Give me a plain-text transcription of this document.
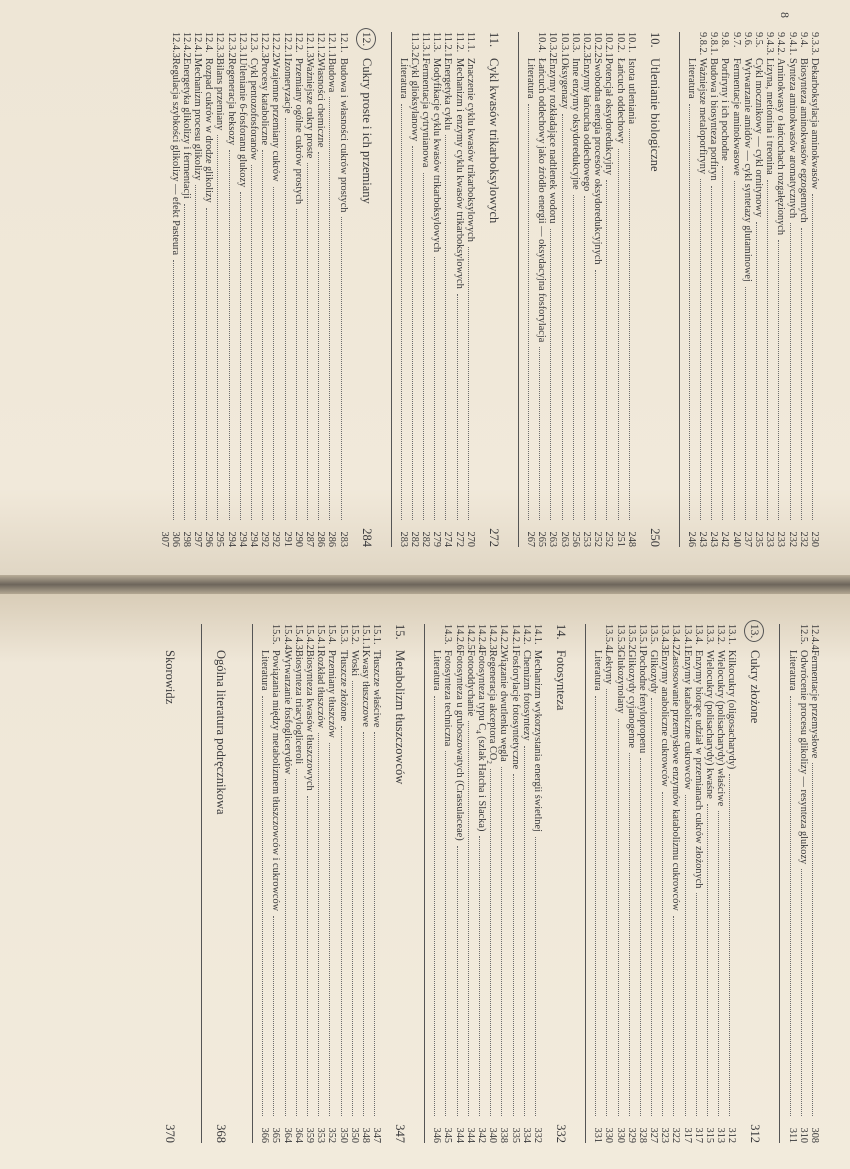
8
9.3.3.
Dekarboksylacja aminokwasów
230
9.4.
Biosynteza aminokwasów egzogennych
232
9.4.1.
Synteza aminokwasów aromatycznych
232
9.4.2.
Aminokwasy o łańcuchach rozgałęzionych
233
9.4.3.
Lizyna, metionina i treonina
233
9.5.
Cykl mocznikowy — cykl ornitynowy
235
9.6.
Wytwarzanie amidów — cykl syntetazy glutaminowej
237
9.7.
Fermentacje aminokwasowe
240
9.8.
Porfiryny i ich pochodne
242
9.8.1.
Budowa i biosynteza porfiryn
243
9.8.2.
Ważniejsze metaloporfiryny
243
Literatura
246
10.
Utlenianie biologiczne
250
10.1.
Istota utleniania
248
10.2.
Łańcuch oddechowy
251
10.2.1.
Potencjał oksydoredukcyjny
252
10.2.2.
Swobodna energia procesów oksydoredukcyjnych
252
10.2.3.
Enzymy łańcucha oddechowego
253
10.3.
Inne enzymy oksydoredukcyjne
256
10.3.1.
Oksygenazy
263
10.3.2.
Enzymy rozkładające nadtlenek wodoru
263
10.4.
Łańcuch oddechowy jako źródło energii — oksydacyjna fosforylacja
265
Literatura
267
11.
Cykl kwasów trikarboksylowych
272
11.1.
Znaczenie cyklu kwasów trikarboksylowych
270
11.2.
Mechanizm i enzymy cyklu kwasów trikarboksylowych
272
11.2.1.
Energetyka cyklu
274
11.3.
Modyfikacje cyklu kwasów trikarboksylowych
279
11.3.1.
Fermentacja cytrynianowa
282
11.3.2.
Cykl glioksylanowy
282
Literatura
283
12.
Cukry proste i ich przemiany
284
12.1.
Budowa i własności cukrów prostych
283
12.1.1.
Budowa
286
12.1.2.
Własności chemiczne
286
12.1.3.
Ważniejsze cukry proste
287
12.2.
Przemiany ogólne cukrów prostych
290
12.2.1.
Izomeryzacje
291
12.2.2.
Wzajemne przemiany cukrów
292
12.2.3.
Procesy kataboliczne
292
12.3.
Cykl pentozofosforanów
294
12.3.1.
Utlenianie 6-fosforanu glukozy
294
12.3.2.
Regeneracja heksozy
294
12.3.3.
Bilans przemiany
295
12.4.
Rozpad cukrów w drodze glikolizy
296
12.4.1.
Mechanizm procesu glikolizy
297
12.4.2.
Energetyka glikolizy i fermentacji
298
12.4.3.
Regulacja szybkości glikolizy — efekt Pasteura
306
307
12.4.4.
Fermentacje przemysłowe
308
12.5.
Odwrócenie procesu glikolizy — resynteza glukozy
310
Literatura
311
13.
Cukry złożone
312
13.1.
Kilkocukry (oligosacharydy)
312
13.2.
Wielocukry (polisacharydy) właściwe
313
13.3.
Wielocukry (polisacharydy) kwaśne
315
13.4.
Enzymy biorące udział w przemianach cukrów złożonych
317
13.4.1.
Enzymy kataboliczne cukrowców
317
13.4.2.
Zastosowanie przemysłowe enzymów katabolizmu cukrowców
322
13.4.3.
Enzymy anaboliczne cukrowców
323
13.5.
Glikozydy
327
13.5.1.
Pochodne fenylopropenu
328
13.5.2.
Glikozydy cyjanogenne
329
13.5.3.
Glukozynolany
330
13.5.4.
Lektyny
330
Literatura
331
14.
Fotosynteza
332
14.1.
Mechanizm wykorzystania energii świetlnej
332
14.2.
Chemizm fotosyntezy
334
14.2.1.
Fosforylacje fotosyntetyczne
335
14.2.2.
Wiązanie dwutlenku węgla
338
14.2.3.
Regeneracja akceptora $CO_2$
340
14.2.4.
Fotosynteza typu $C_4$ (szlak Hatcha i Slacka)
342
14.2.5.
Fotooddychanie
344
14.2.6.
Fotosynteza u gruboszowatych (Crassulaceae)
344
14.3.
Fotosynteza techniczna
345
Literatura
346
15.
Metabolizm tłuszczowców
347
15.1.
Tłuszcze właściwe
347
15.1.1.
Kwasy tłuszczowe
348
15.2.
Woski
350
15.3.
Tłuszcze złożone
350
15.4.
Przemiany tłuszczów
352
15.4.1.
Rozkład tłuszczów
353
15.4.2.
Biosynteza kwasów tłuszczowych
359
15.4.3.
Biosynteza triacylogliceroli
364
15.4.4.
Wytwarzanie fosfoglicerydów
364
15.5.
Powiązania między metabolizmem tłuszczowców i cukrowców
365
Literatura
366
Ogólna literatura podręcznikowa
368
Skorowidz
370
